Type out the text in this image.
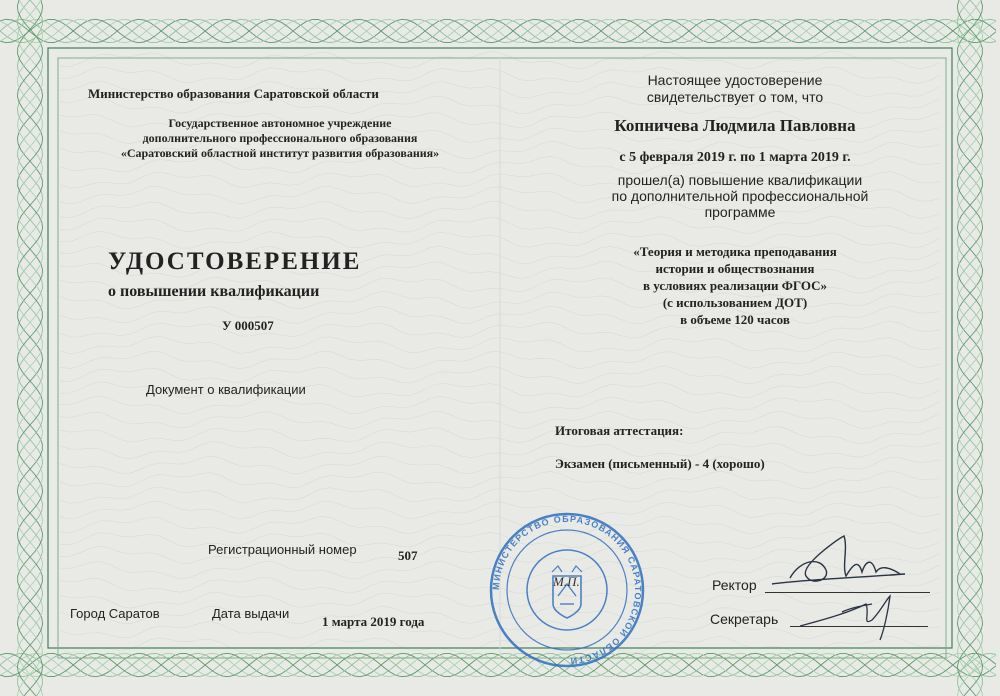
Министерство образования Саратовской области
Государственное автономное учреждение
дополнительного профессионального образования
«Саратовский областной институт развития образования»
УДОСТОВЕРЕНИЕ
о повышении квалификации
У 000507
Документ о квалификации
Регистрационный номер	507
Город Саратов	Дата выдачи
1 марта 2019 года
Настоящее удостоверение
свидетельствует о том, что
Копничева Людмила Павловна
с 5 февраля 2019 г. по 1 марта 2019 г.
прошел(а) повышение квалификации
по дополнительной профессиональной
программе
«Теория и методика преподавания
истории и обществознания
в условиях реализации ФГОС»
(с использованием ДОТ)
в объеме 120 часов
Итоговая аттестация:
Экзамен (письменный) - 4 (хорошо)
Ректор
Секретарь
МИНИСТЕРСТВО ОБРАЗОВАНИЯ САРАТОВСКОЙ ОБЛАСТИ
М.П.
